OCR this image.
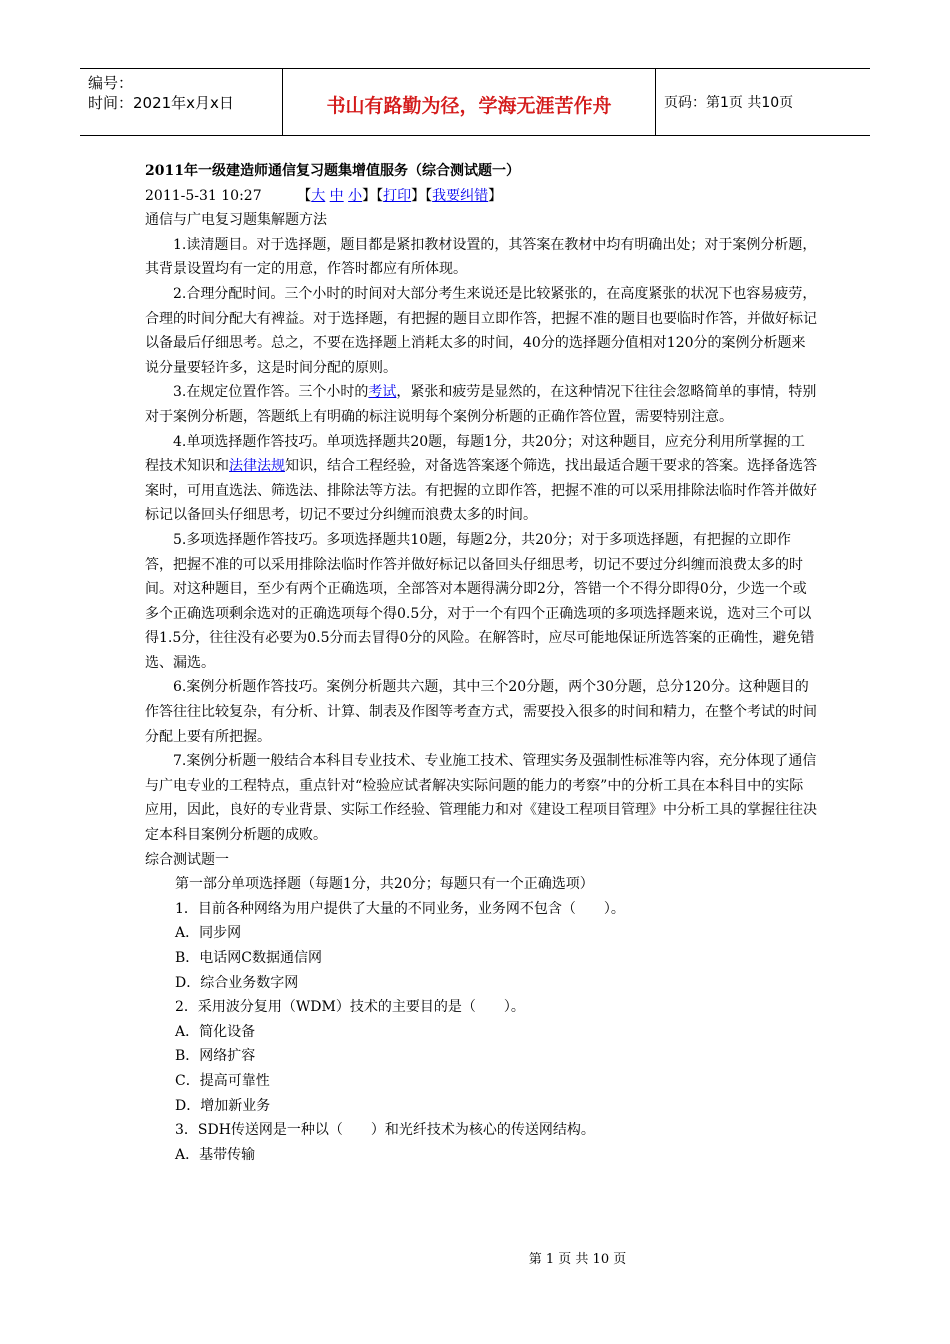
编号：
时间：2021年x月x日	书山有路勤为径，学海无涯苦作舟	页码：第1页 共10页

2011年一级建造师通信复习题集增值服务（综合测试题一）

2011-5-31 10:27	【大 中 小】【打印】【我要纠错】

通信与广电复习题集解题方法

1.读清题目。对于选择题，题目都是紧扣教材设置的，其答案在教材中均有明确出处；对于案例分析题，其背景设置均有一定的用意，作答时都应有所体现。

2.合理分配时间。三个小时的时间对大部分考生来说还是比较紧张的，在高度紧张的状况下也容易疲劳，合理的时间分配大有裨益。对于选择题，有把握的题目立即作答，把握不准的题目也要临时作答，并做好标记以备最后仔细思考。总之，不要在选择题上消耗太多的时间，40分的选择题分值相对120分的案例分析题来说分量要轻许多，这是时间分配的原则。

3.在规定位置作答。三个小时的考试，紧张和疲劳是显然的，在这种情况下往往会忽略简单的事情，特别对于案例分析题，答题纸上有明确的标注说明每个案例分析题的正确作答位置，需要特别注意。

4.单项选择题作答技巧。单项选择题共20题，每题1分，共20分；对这种题目，应充分利用所掌握的工程技术知识和法律法规知识，结合工程经验，对备选答案逐个筛选，找出最适合题干要求的答案。选择备选答案时，可用直选法、筛选法、排除法等方法。有把握的立即作答，把握不准的可以采用排除法临时作答并做好标记以备回头仔细思考，切记不要过分纠缠而浪费太多的时间。

5.多项选择题作答技巧。多项选择题共10题，每题2分，共20分；对于多项选择题，有把握的立即作答，把握不准的可以采用排除法临时作答并做好标记以备回头仔细思考，切记不要过分纠缠而浪费太多的时间。对这种题目，至少有两个正确选项，全部答对本题得满分即2分，答错一个不得分即得0分，少选一个或多个正确选项剩余选对的正确选项每个得0.5分，对于一个有四个正确选项的多项选择题来说，选对三个可以得1.5分，往往没有必要为0.5分而去冒得0分的风险。在解答时，应尽可能地保证所选答案的正确性，避免错选、漏选。

6.案例分析题作答技巧。案例分析题共六题，其中三个20分题，两个30分题，总分120分。这种题目的作答往往比较复杂，有分析、计算、制表及作图等考查方式，需要投入很多的时间和精力，在整个考试的时间分配上要有所把握。

7.案例分析题一般结合本科目专业技术、专业施工技术、管理实务及强制性标准等内容，充分体现了通信与广电专业的工程特点，重点针对“检验应试者解决实际问题的能力的考察”中的分析工具在本科目中的实际应用，因此，良好的专业背景、实际工作经验、管理能力和对《建设工程项目管理》中分析工具的掌握往往决定本科目案例分析题的成败。

综合测试题一

第一部分单项选择题（每题1分，共20分；每题只有一个正确选项）

1．目前各种网络为用户提供了大量的不同业务，业务网不包含（　　）。

A．同步网

B．电话网C数据通信网

D．综合业务数字网

2．采用波分复用（WDM）技术的主要目的是（　　）。

A．简化设备

B．网络扩容

C．提高可靠性

D．增加新业务

3．SDH传送网是一种以（　　）和光纤技术为核心的传送网结构。

A．基带传输

第 1 页 共 10 页
